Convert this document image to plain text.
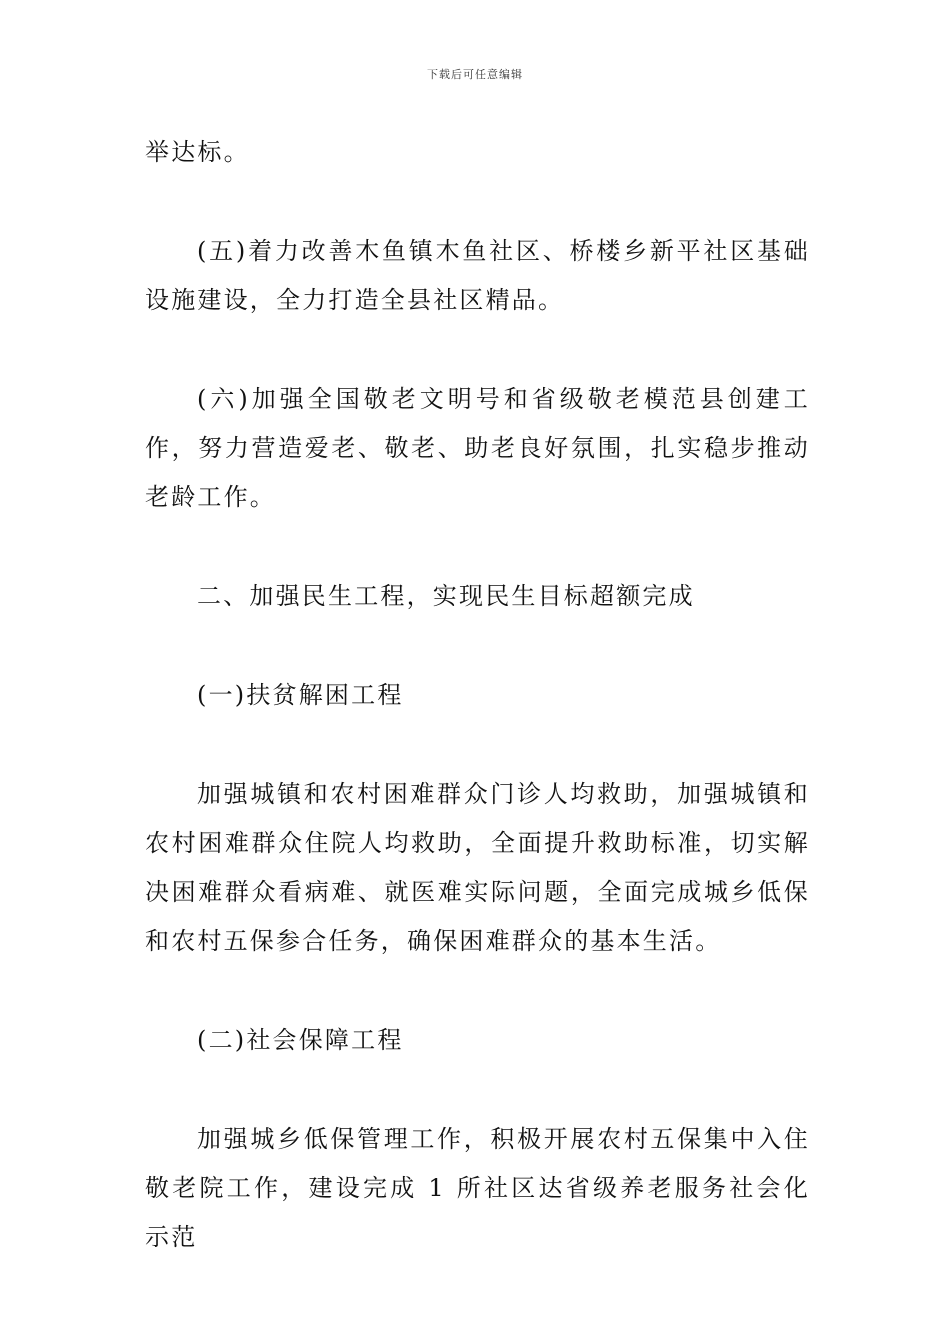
下载后可任意编辑

举达标。

(五)着力改善木鱼镇木鱼社区、桥楼乡新平社区基础设施建设，全力打造全县社区精品。

(六)加强全国敬老文明号和省级敬老模范县创建工作，努力营造爱老、敬老、助老良好氛围，扎实稳步推动老龄工作。

二、加强民生工程，实现民生目标超额完成

(一)扶贫解困工程

加强城镇和农村困难群众门诊人均救助，加强城镇和农村困难群众住院人均救助，全面提升救助标准，切实解决困难群众看病难、就医难实际问题，全面完成城乡低保和农村五保参合任务，确保困难群众的基本生活。

(二)社会保障工程

加强城乡低保管理工作，积极开展农村五保集中入住敬老院工作，建设完成 1 所社区达省级养老服务社会化示范
